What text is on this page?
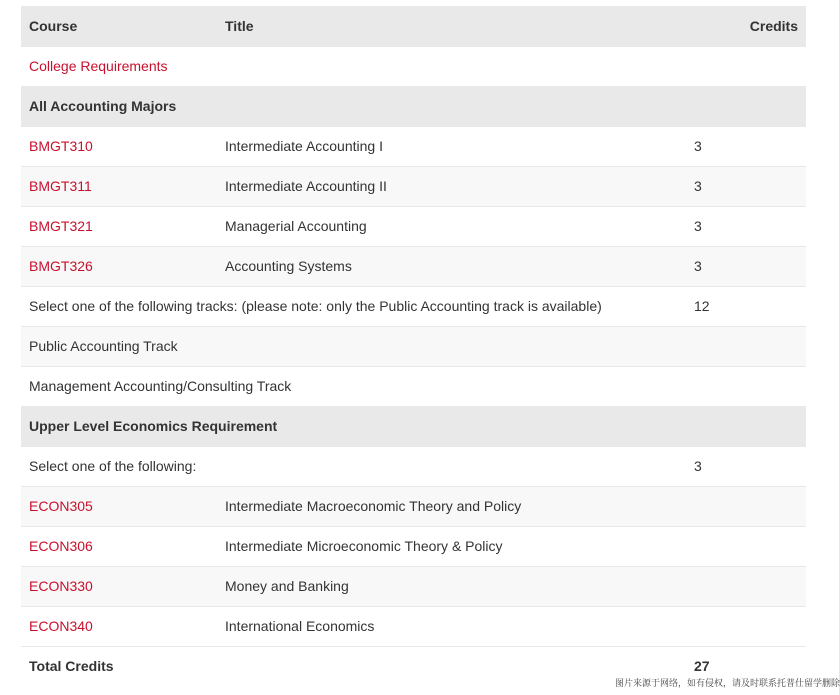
Course	Title	Credits
College Requirements		
All Accounting Majors		
BMGT310	Intermediate Accounting I	3
BMGT311	Intermediate Accounting II	3
BMGT321	Managerial Accounting	3
BMGT326	Accounting Systems	3
Select one of the following tracks: (please note: only the Public Accounting track is available)		12
Public Accounting Track		
Management Accounting/Consulting Track		
Upper Level Economics Requirement		
Select one of the following:		3
ECON305	Intermediate Macroeconomic Theory and Policy	
ECON306	Intermediate Microeconomic Theory & Policy	
ECON330	Money and Banking	
ECON340	International Economics	
Total Credits		27
图片来源于网络，如有侵权，请及时联系托普仕留学删除
